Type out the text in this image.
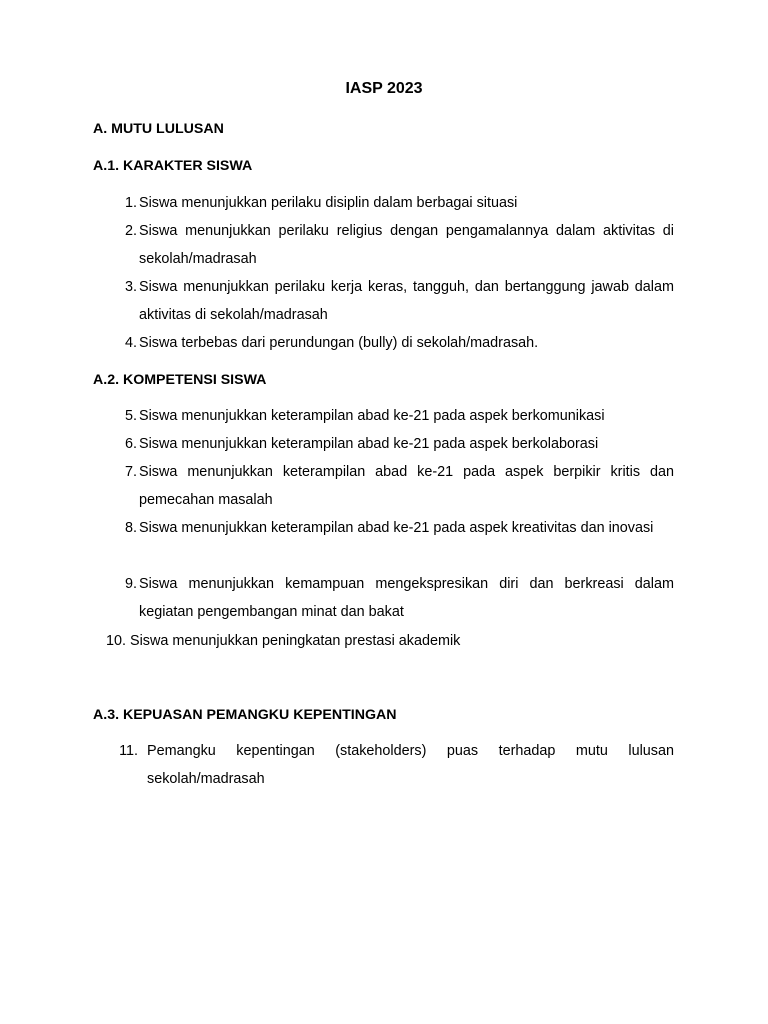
IASP 2023
A. MUTU LULUSAN
A.1. KARAKTER SISWA
1. Siswa menunjukkan perilaku disiplin dalam berbagai situasi
2. Siswa menunjukkan perilaku religius dengan pengamalannya dalam aktivitas di sekolah/madrasah
3. Siswa menunjukkan perilaku kerja keras, tangguh, dan bertanggung jawab dalam aktivitas di sekolah/madrasah
4. Siswa terbebas dari perundungan (bully) di sekolah/madrasah.
A.2. KOMPETENSI SISWA
5. Siswa menunjukkan keterampilan abad ke-21 pada aspek berkomunikasi
6. Siswa menunjukkan keterampilan abad ke-21 pada aspek berkolaborasi
7. Siswa menunjukkan keterampilan abad ke-21 pada aspek berpikir kritis dan pemecahan masalah
8. Siswa menunjukkan keterampilan abad ke-21 pada aspek kreativitas dan inovasi
9. Siswa menunjukkan kemampuan mengekspresikan diri dan berkreasi dalam kegiatan pengembangan minat dan bakat
10. Siswa menunjukkan peningkatan prestasi akademik
A.3. KEPUASAN PEMANGKU KEPENTINGAN
11. Pemangku kepentingan (stakeholders) puas terhadap mutu lulusan sekolah/madrasah
